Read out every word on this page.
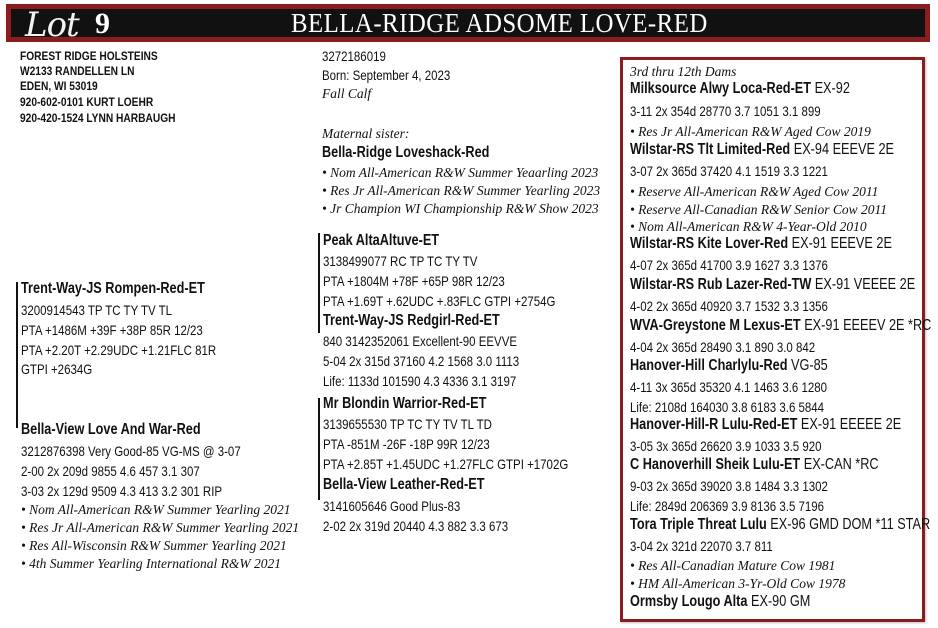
Lot 9	BELLA-RIDGE ADSOME LOVE-RED
FOREST RIDGE HOLSTEINS
W2133 RANDELLEN LN
EDEN, WI 53019
920-602-0101 KURT LOEHR
920-420-1524 LYNN HARBAUGH
3272186019
Born: September 4, 2023
Fall Calf
Maternal sister:
Bella-Ridge Loveshack-Red
• Nom All-American R&W Summer Yeaarling 2023
• Res Jr All-American R&W Summer Yearling 2023
• Jr Champion WI Championship R&W Show 2023
Trent-Way-JS Rompen-Red-ET
3200914543 TP TC TY TV TL
PTA +1486M +39F +38P 85R 12/23
PTA +2.20T +2.29UDC +1.21FLC 81R
GTPI +2634G
Bella-View Love And War-Red
3212876398 Very Good-85 VG-MS @ 3-07
2-00 2x 209d 9855 4.6 457 3.1 307
3-03 2x 129d 9509 4.3 413 3.2 301 RIP
• Nom All-American R&W Summer Yearling 2021
• Res Jr All-American R&W Summer Yearling 2021
• Res All-Wisconsin R&W Summer Yearling 2021
• 4th Summer Yearling International R&W 2021
Peak AltaAltuve-ET
3138499077 RC TP TC TY TV
PTA +1804M +78F +65P 98R 12/23
PTA +1.69T +.62UDC +.83FLC GTPI +2754G
Trent-Way-JS Redgirl-Red-ET
840 3142352061 Excellent-90 EEVVE
5-04 2x 315d 37160 4.2 1568 3.0 1113
Life: 1133d 101590 4.3 4336 3.1 3197
Mr Blondin Warrior-Red-ET
3139655530 TP TC TY TV TL TD
PTA -851M -26F -18P 99R 12/23
PTA +2.85T +1.45UDC +1.27FLC GTPI +1702G
Bella-View Leather-Red-ET
3141605646 Good Plus-83
2-02 2x 319d 20440 4.3 882 3.3 673
3rd thru 12th Dams
Milksource Alwy Loca-Red-ET EX-92
3-11 2x 354d 28770 3.7 1051 3.1 899
• Res Jr All-American R&W Aged Cow 2019
Wilstar-RS Tlt Limited-Red EX-94 EEEVE 2E
3-07 2x 365d 37420 4.1 1519 3.3 1221
• Reserve All-American R&W Aged Cow 2011
• Reserve All-Canadian R&W Senior Cow 2011
• Nom All-American R&W 4-Year-Old 2010
Wilstar-RS Kite Lover-Red EX-91 EEEVE 2E
4-07 2x 365d 41700 3.9 1627 3.3 1376
Wilstar-RS Rub Lazer-Red-TW EX-91 VEEEE 2E
4-02 2x 365d 40920 3.7 1532 3.3 1356
WVA-Greystone M Lexus-ET EX-91 EEEEV 2E *RC
4-04 2x 365d 28490 3.1 890 3.0 842
Hanover-Hill Charlylu-Red VG-85
4-11 3x 365d 35320 4.1 1463 3.6 1280
Life: 2108d 164030 3.8 6183 3.6 5844
Hanover-Hill-R Lulu-Red-ET EX-91 EEEEE 2E
3-05 3x 365d 26620 3.9 1033 3.5 920
C Hanoverhill Sheik Lulu-ET EX-CAN *RC
9-03 2x 365d 39020 3.8 1484 3.3 1302
Life: 2849d 206369 3.9 8136 3.5 7196
Tora Triple Threat Lulu EX-96 GMD DOM *11 STAR
3-04 2x 321d 22070 3.7 811
• Res All-Canadian Mature Cow 1981
• HM All-American 3-Yr-Old Cow 1978
Ormsby Lougo Alta EX-90 GM
